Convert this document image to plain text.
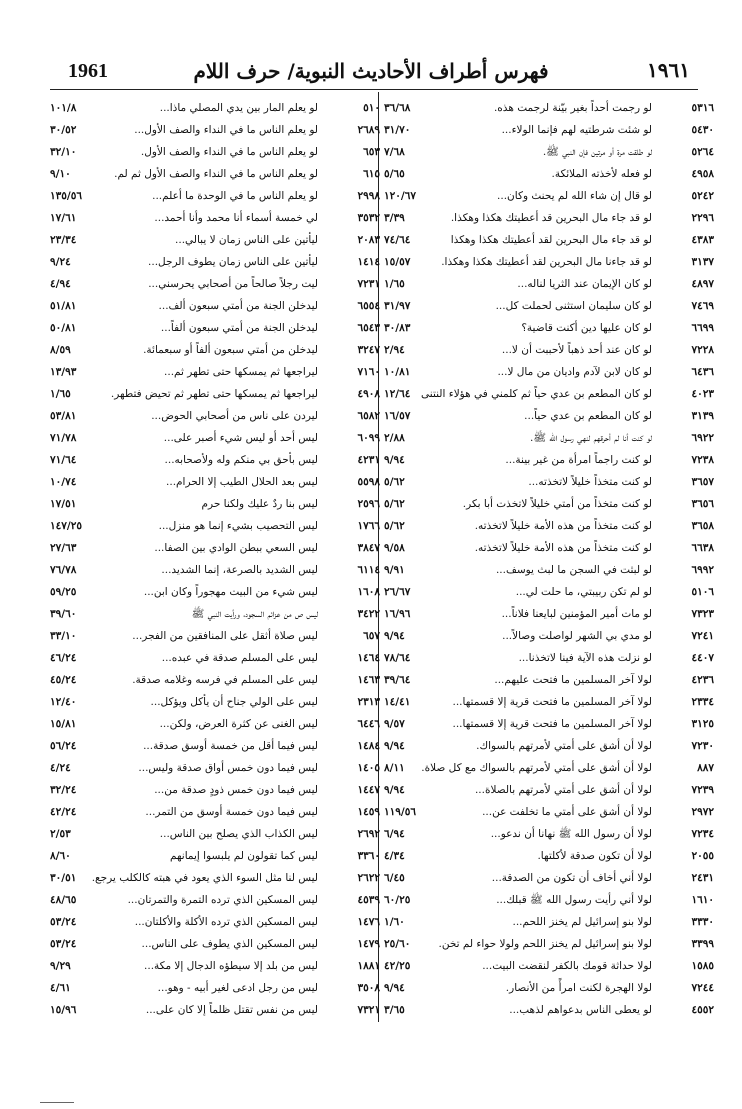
1961	فهرس أطراف الأحاديث النبوية/ حرف اللام	١٩٦١
٥٣١٦
لو رجمت أحداً بغير بيّنة لرجمت هذه.
٣٦/٦٨
٥٤٣٠
لو شئت شرطتيه لهم فإنما الولاء...
٣١/٧٠
٥٢٦٤
لو طلقت مرة أو مرتين فإن النبي ﷺ.
٧/٦٨
٤٩٥٨
لو فعله لأخذته الملائكة.
٥/٦٥
٥٢٤٢
لو قال إن شاء الله لم يحنث وكان...
١٢٠/٦٧
٢٢٩٦
لو قد جاء مال البحرين قد أعطيتك هكذا وهكذا.
٣/٣٩
٤٣٨٣
لو قد جاء مال البحرين لقد أعطيتك هكذا وهكذا
٧٤/٦٤
٣١٣٧
لو قد جاءنا مال البحرين لقد أعطيتك هكذا وهكذا.
١٥/٥٧
٤٨٩٧
لو كان الإيمان عند الثريا لناله...
١/٦٥
٧٤٦٩
لو كان سليمان استثنى لحملت كل...
٣١/٩٧
٦٦٩٩
لو كان عليها دين أكنت قاضية؟
٣٠/٨٣
٧٢٢٨
لو كان عند أحد ذهباً لأحببت أن لا...
٢/٩٤
٦٤٣٦
لو كان لابن لآدم واديان من مال لا...
١٠/٨١
٤٠٢٣
لو كان المطعم بن عدي حياً ثم كلمني في هؤلاء النتنى
١٢/٦٤
٣١٣٩
لو كان المطعم بن عدي حياً...
١٦/٥٧
٦٩٢٢
لو كنت أنا لم أحرقهم لنهي رسول الله ﷺ.
٢/٨٨
٧٢٣٨
لو كنت راجماً امرأة من غير بينة...
٩/٩٤
٣٦٥٧
لو كنت متخذاً خليلاً لاتخذته...
٥/٦٢
٣٦٥٦
لو كنت متخذاً من أمتي خليلاً لاتخذت أبا بكر.
٥/٦٢
٣٦٥٨
لو كنت متخذاً من هذه الأمة خليلاً لاتخذته.
٥/٦٢
٦٦٣٨
لو كنت متخذاً من هذه الأمة خليلاً لاتخذته.
٩/٥٨
٦٩٩٢
لو لبثت في السجن ما لبث يوسف...
٩/٩١
٥١٠٦
لو لم تكن ربيبتي، ما حلت لي...
٢٦/٦٧
٧٣٢٣
لو مات أمير المؤمنين لبايعنا فلاناً...
١٦/٩٦
٧٢٤١
لو مدي بي الشهر لواصلت وصالاً...
٩/٩٤
٤٤٠٧
لو نزلت هذه الآية فينا لاتخذنا...
٧٨/٦٤
٤٢٣٦
لولا آخر المسلمين ما فتحت عليهم...
٣٩/٦٤
٢٣٣٤
لولا آخر المسلمين ما فتحت قرية إلا قسمتها...
١٤/٤١
٣١٢٥
لولا آخر المسلمين ما فتحت قرية إلا قسمتها...
٩/٥٧
٧٢٣٠
لولا أن أشق على أمتي لأمرتهم بالسواك.
٩/٩٤
٨٨٧
لولا أن أشق على أمتي لأمرتهم بالسواك مع كل صلاة.
٨/١١
٧٢٣٩
لولا أن أشق على أمتي لأمرتهم بالصلاة...
٩/٩٤
٢٩٧٢
لولا أن أشق على أمتي ما تخلفت عن...
١١٩/٥٦
٧٢٣٤
لولا أن رسول الله ﷺ نهانا أن ندعو...
٦/٩٤
٢٠٥٥
لولا أن تكون صدقة لأكلتها.
٤/٣٤
٢٤٣١
لولا أني أخاف أن تكون من الصدقة...
٦/٤٥
١٦١٠
لولا أني رأيت رسول الله ﷺ قبلك...
٦٠/٢٥
٣٣٣٠
لولا بنو إسرائيل لم يخنز اللحم...
١/٦٠
٣٣٩٩
لولا بنو إسرائيل لم يخنز اللحم ولولا حواء لم تخن.
٢٥/٦٠
١٥٨٥
لولا حداثة قومك بالكفر لنقضت البيت...
٤٢/٢٥
٧٢٤٤
لولا الهجرة لكنت امرأً من الأنصار.
٩/٩٤
٤٥٥٢
لو يعطى الناس بدعواهم لذهب...
٣/٦٥
٥١٠
لو يعلم المار بين يدي المصلي ماذا...
١٠١/٨
٢٦٨٩
لو يعلم الناس ما في النداء والصف الأول...
٣٠/٥٢
٦٥٣
لو يعلم الناس ما في النداء والصف الأول.
٣٢/١٠
٦١٥
لو يعلم الناس ما في النداء والصف الأول ثم لم.
٩/١٠
٢٩٩٨
لو يعلم الناس ما في الوحدة ما أعلم...
١٣٥/٥٦
٣٥٣٢
لي خمسة أسماء أنا محمد وأنا أحمد...
١٧/٦١
٢٠٨٣
ليأتين على الناس زمان لا يبالي...
٢٣/٣٤
١٤١٤
ليأتين على الناس زمان يطوف الرجل...
٩/٢٤
٧٢٣١
ليت رجلاً صالحاً من أصحابي يحرسني...
٤/٩٤
٦٥٥٤
ليدخلن الجنة من أمتي سبعون ألف...
٥١/٨١
٦٥٤٣
ليدخلن الجنة من أمتي سبعون ألفاً...
٥٠/٨١
٣٢٤٧
ليدخلن من أمتي سبعون ألفاً أو سبعمائة.
٨/٥٩
٧١٦٠
ليراجعها ثم يمسكها حتى تطهر ثم...
١٣/٩٣
٤٩٠٨
ليراجعها ثم يمسكها حتى تطهر ثم تحيض فتطهر.
١/٦٥
٦٥٨٢
ليردن على ناس من أصحابي الحوض...
٥٣/٨١
٦٠٩٩
ليس أحد أو ليس شيء أصبر على...
٧١/٧٨
٤٢٣١
ليس بأحق بي منكم وله ولأصحابه...
٧١/٦٤
٥٥٩٨
ليس بعد الحلال الطيب إلا الحرام...
١٠/٧٤
٢٥٩٦
ليس بنا ردٌ عليك ولكنا حرم
١٧/٥١
١٧٦٦
ليس التحصيب بشيء إنما هو منزل...
١٤٧/٢٥
٣٨٤٧
ليس السعي ببطن الوادي بين الصفا...
٢٧/٦٣
٦١١٤
ليس الشديد بالصرعة، إنما الشديد...
٧٦/٧٨
١٦٠٨
ليس شيء من البيت مهجوراً وكان ابن...
٥٩/٢٥
٣٤٢٢
ليس ص من عزائم السجود، ورأيت النبي ﷺ
٣٩/٦٠
٦٥٧
ليس صلاة أثقل على المنافقين من الفجر...
٣٣/١٠
١٤٦٤
ليس على المسلم صدقة في عبده...
٤٦/٢٤
١٤٦٣
ليس على المسلم في فرسه وغلامه صدقة.
٤٥/٢٤
٢٣١٣
ليس على الولي جناح أن يأكل ويؤكل...
١٢/٤٠
٦٤٤٦
ليس الغنى عن كثرة العرض، ولكن...
١٥/٨١
١٤٨٤
ليس فيما أقل من خمسة أوسق صدقة...
٥٦/٢٤
١٤٠٥
ليس فيما دون خمس أواق صدقة وليس...
٤/٢٤
١٤٤٧
ليس فيما دون خمس ذودٍ صدقة من...
٣٢/٢٤
١٤٥٩
ليس فيما دون خمسة أوسق من التمر...
٤٢/٢٤
٢٦٩٢
ليس الكذاب الذي يصلح بين الناس...
٢/٥٣
٣٣٦٠
ليس كما تقولون لم يلبسوا إيمانهم
٨/٦٠
٢٦٢٢
ليس لنا مثل السوء الذي يعود في هبته كالكلب يرجع.
٣٠/٥١
٤٥٣٩
ليس المسكين الذي ترده التمرة والتمرتان...
٤٨/٦٥
١٤٧٦
ليس المسكين الذي ترده الأكلة والأكلتان...
٥٣/٢٤
١٤٧٩
ليس المسكين الذي يطوف على الناس...
٥٣/٢٤
١٨٨١
ليس من بلد إلا سيطؤه الدجال إلا مكة...
٩/٢٩
٣٥٠٨
ليس من رجل ادعى لغير أبيه - وهو...
٤/٦١
٧٣٢١
ليس من نفس تقتل ظلماً إلا كان على...
١٥/٩٦
